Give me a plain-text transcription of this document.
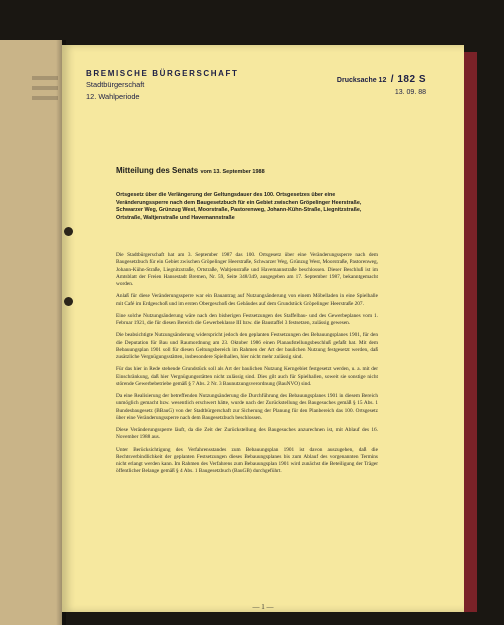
BREMISCHE BÜRGERSCHAFT
Stadtbürgerschaft
12. Wahlperiode
Drucksache 12 / 182 S
13. 09. 88
Mitteilung des Senats vom 13. September 1988
Ortsgesetz über die Verlängerung der Geltungsdauer des 100. Ortsgesetzes über eine Veränderungssperre nach dem Baugesetzbuch für ein Gebiet zwischen Gröpelinger Heerstraße, Schwarzer Weg, Grünzug West, Moorstraße, Pastorenweg, Johann-Kühn-Straße, Liegnitzstraße, Ortstraße, Waltjenstraße und Havemannstraße

Die Stadtbürgerschaft hat am 3. September 1987 das 100. Ortsgesetz über eine Veränderungssperre nach dem Baugesetzbuch für ein Gebiet zwischen Gröpelinger Heerstraße, Schwarzer Weg, Grünzug West, Moorstraße, Pastorenweg, Johann-Kühn-Straße, Liegnitzstraße, Ortstraße, Waltjenstraße und Havemannstraße beschlossen. Dieser Beschluß ist im Amtsblatt der Freien Hansestadt Bremen, Nr. 59, Seite 348/349, ausgegeben am 17. September 1987, bekanntgemacht worden.

Anlaß für diese Veränderungssperre war ein Bauantrag auf Nutzungsänderung von einem Möbelladen in eine Spielhalle mit Café im Erdgeschoß und im ersten Obergeschoß des Gebäudes auf dem Grundstück Gröpelinger Heerstraße 207.

Eine solche Nutzungsänderung wäre nach den bisherigen Festsetzungen des Staffelbau- und des Gewerbeplanes vom 1. Februar 1921, die für diesen Bereich die Gewerbeklasse III bzw. die Baustaffel 3 festsetzen, zulässig gewesen.

Die beabsichtigte Nutzungsänderung widerspricht jedoch den geplanten Festsetzungen des Bebauungsplanes 1901, für den die Deputation für Bau und Raumordnung am 23. Oktober 1986 einen Planaufstellungsbeschluß gefaßt hat. Mit dem Bebauungsplan 1901 soll für diesen Geltungsbereich im Rahmen der Art der baulichen Nutzung festgesetzt werden, daß zusätzliche Vergnügungsstätten, insbesondere Spielhallen, hier nicht mehr zulässig sind.

Für das hier in Rede stehende Grundstück soll als Art der baulichen Nutzung Kerngebiet festgesetzt werden, u. a. mit der Einschränkung, daß hier Vergnügungsstätten nicht zulässig sind. Dies gilt auch für Spielhallen, soweit sie sonstige nicht störende Gewerbebetriebe gemäß § 7 Abs. 2 Nr. 3 Baunutzungsverordnung (BauNVO) sind.

Da eine Realisierung der betreffenden Nutzungsänderung die Durchführung des Bebauungsplanes 1901 in diesem Bereich unmöglich gemacht bzw. wesentlich erschwert hätte, wurde nach der Zurückstellung des Baugesuches gemäß § 15 Abs. 1 Bundesbaugesetz (BBauG) von der Stadtbürgerschaft zur Sicherung der Planung für den Planbereich das 100. Ortsgesetz über eine Veränderungssperre nach dem Baugesetzbuch beschlossen.

Diese Veränderungssperre läuft, da die Zeit der Zurückstellung des Baugesuches anzurechnen ist, mit Ablauf des 16. November 1988 aus.

Unter Berücksichtigung des Verfahrensstandes zum Bebauungsplan 1901 ist davon auszugehen, daß die Rechtsverbindlichkeit der geplanten Festsetzungen dieses Bebauungsplanes bis zum Ablauf des vorgenannten Termins nicht erlangt werden kann. Im Rahmen des Verfahrens zum Bebauungsplan 1901 wird zunächst die Beteiligung der Träger öffentlicher Belange gemäß § 4 Abs. 1 Baugesetzbuch (BauGB) durchgeführt.

— 1 —
